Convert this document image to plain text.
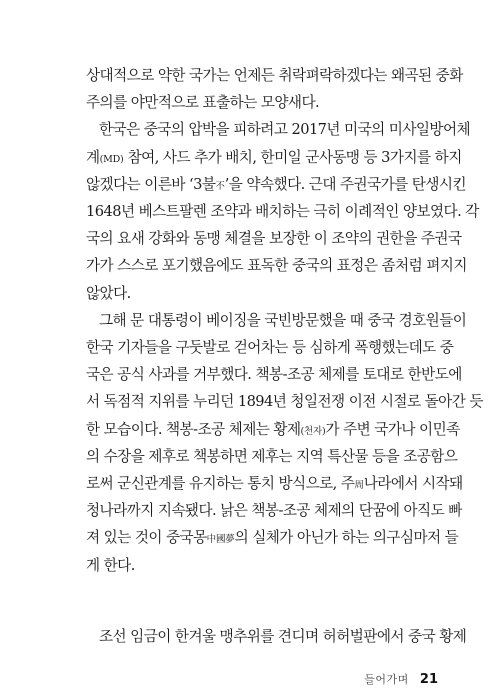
상대적으로 약한 국가는 언제든 취락펴락하겠다는 왜곡된 중화
주의를 야만적으로 표출하는 모양새다.
한국은 중국의 압박을 피하려고 2017년 미국의 미사일방어체
계(MD) 참여, 사드 추가 배치, 한미일 군사동맹 등 3가지를 하지
않겠다는 이른바 ‘3불不’을 약속했다. 근대 주권국가를 탄생시킨
1648년 베스트팔렌 조약과 배치하는 극히 이례적인 양보였다. 각
국의 요새 강화와 동맹 체결을 보장한 이 조약의 권한을 주권국
가가 스스로 포기했음에도 표독한 중국의 표정은 좀처럼 펴지지
않았다.
그해 문 대통령이 베이징을 국빈방문했을 때 중국 경호원들이
한국 기자들을 구둣발로 걷어차는 등 심하게 폭행했는데도 중
국은 공식 사과를 거부했다. 책봉-조공 체제를 토대로 한반도에
서 독점적 지위를 누리던 1894년 청일전쟁 이전 시절로 돌아간 듯
한 모습이다. 책봉-조공 체제는 황제(천자)가 주변 국가나 이민족
의 수장을 제후로 책봉하면 제후는 지역 특산물 등을 조공함으
로써 군신관계를 유지하는 통치 방식으로, 주周나라에서 시작돼
청나라까지 지속됐다. 낡은 책봉-조공 체제의 단꿈에 아직도 빠
져 있는 것이 중국몽中國夢의 실체가 아닌가 하는 의구심마저 들
게 한다.
조선 임금이 한겨울 맹추위를 견디며 허허벌판에서 중국 황제
들어가며 21
